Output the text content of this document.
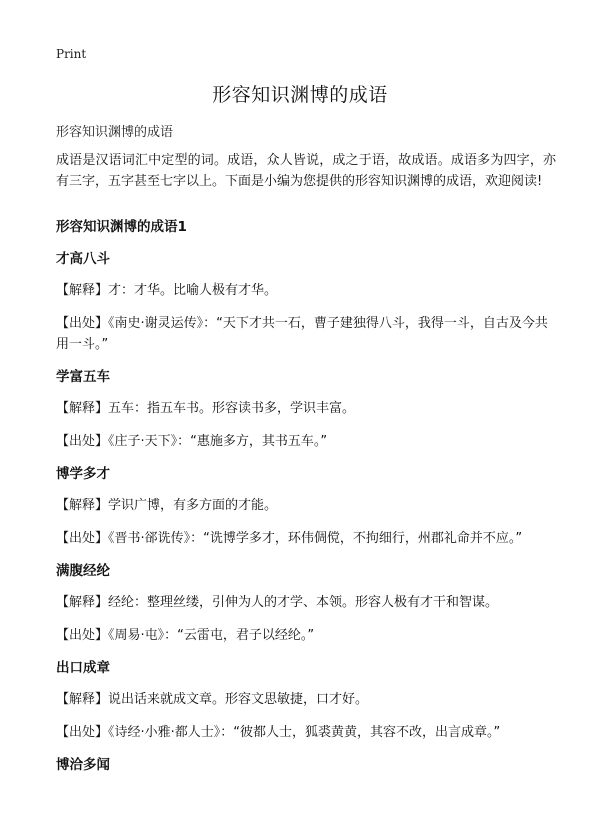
Print
形容知识渊博的成语
形容知识渊博的成语
成语是汉语词汇中定型的词。成语，众人皆说，成之于语，故成语。成语多为四字，亦有三字，五字甚至七字以上。下面是小编为您提供的形容知识渊博的成语，欢迎阅读!
形容知识渊博的成语1
才高八斗
【解释】才：才华。比喻人极有才华。
【出处】《南史·谢灵运传》：“天下才共一石，曹子建独得八斗，我得一斗，自古及今共用一斗。”
学富五车
【解释】五车：指五车书。形容读书多，学识丰富。
【出处】《庄子·天下》：“惠施多方，其书五车。”
博学多才
【解释】学识广博，有多方面的才能。
【出处】《晋书·郤诜传》：“诜博学多才，环伟倜傥，不拘细行，州郡礼命并不应。”
满腹经纶
【解释】经纶：整理丝缕，引伸为人的才学、本领。形容人极有才干和智谋。
【出处】《周易·屯》：“云雷屯，君子以经纶。”
出口成章
【解释】说出话来就成文章。形容文思敏捷，口才好。
【出处】《诗经·小雅·都人士》：“彼都人士，狐裘黄黄，其容不改，出言成章。”
博洽多闻
